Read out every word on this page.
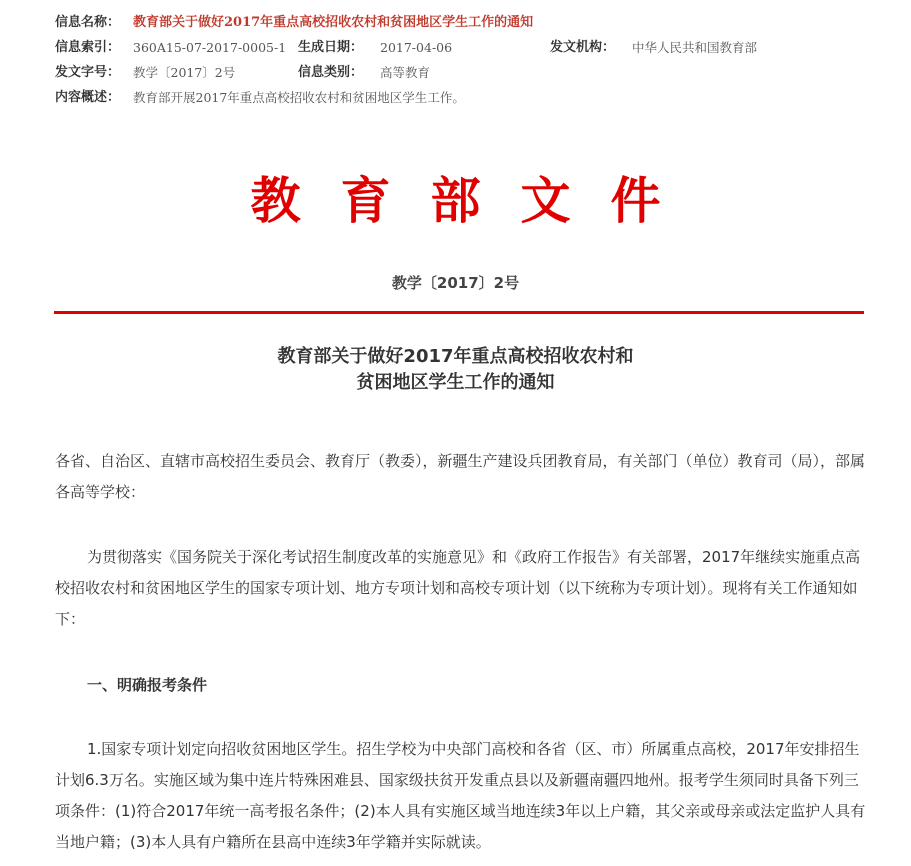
信息名称： 教育部关于做好2017年重点高校招收农村和贫困地区学生工作的通知
信息索引：	360A15-07-2017-0005-1 生成日期：	2017-04-06	发文机构：	中华人民共和国教育部
发文字号：	教学〔2017〕2号	信息类别：	高等教育
内容概述：	教育部开展2017年重点高校招收农村和贫困地区学生工作。
教育部文件
教学〔2017〕2号
教育部关于做好2017年重点高校招收农村和
贫困地区学生工作的通知
各省、自治区、直辖市高校招生委员会、教育厅（教委），新疆生产建设兵团教育局，有关部门（单位）教育司（局），部属各高等学校：
为贯彻落实《国务院关于深化考试招生制度改革的实施意见》和《政府工作报告》有关部署，2017年继续实施重点高校招收农村和贫困地区学生的国家专项计划、地方专项计划和高校专项计划（以下统称为专项计划）。现将有关工作通知如下：
一、明确报考条件
1.国家专项计划定向招收贫困地区学生。招生学校为中央部门高校和各省（区、市）所属重点高校，2017年安排招生计划6.3万名。实施区域为集中连片特殊困难县、国家级扶贫开发重点县以及新疆南疆四地州。报考学生须同时具备下列三项条件：(1)符合2017年统一高考报名条件；(2)本人具有实施区域当地连续3年以上户籍，其父亲或母亲或法定监护人具有当地户籍；(3)本人具有户籍所在县高中连续3年学籍并实际就读。
